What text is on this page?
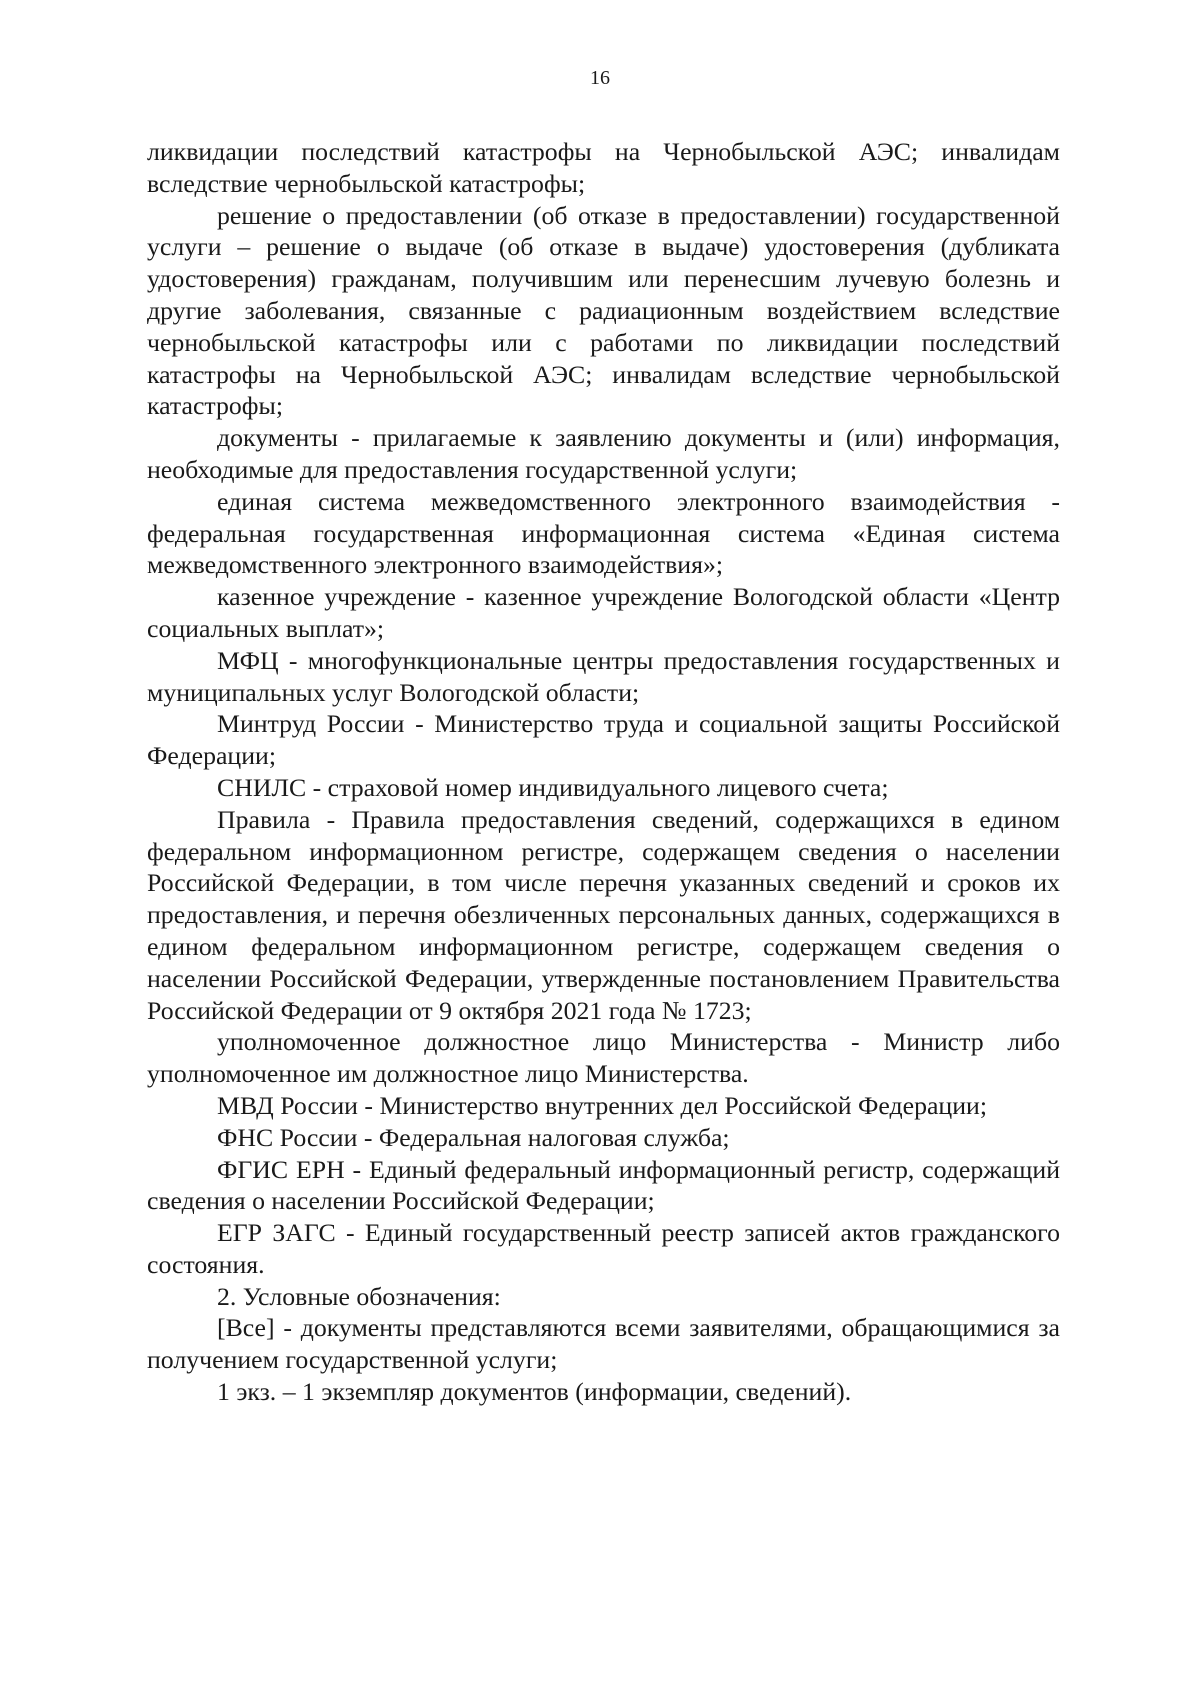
16

ликвидации последствий катастрофы на Чернобыльской АЭС; инвалидам вследствие чернобыльской катастрофы;

решение о предоставлении (об отказе в предоставлении) государственной услуги – решение о выдаче (об отказе в выдаче) удостоверения (дубликата удостоверения) гражданам, получившим или перенесшим лучевую болезнь и другие заболевания, связанные с радиационным воздействием вследствие чернобыльской катастрофы или с работами по ликвидации последствий катастрофы на Чернобыльской АЭС; инвалидам вследствие чернобыльской катастрофы;

документы - прилагаемые к заявлению документы и (или) информация, необходимые для предоставления государственной услуги;

единая система межведомственного электронного взаимодействия - федеральная государственная информационная система «Единая система межведомственного электронного взаимодействия»;

казенное учреждение - казенное учреждение Вологодской области «Центр социальных выплат»;

МФЦ - многофункциональные центры предоставления государственных и муниципальных услуг Вологодской области;

Минтруд России - Министерство труда и социальной защиты Российской Федерации;

СНИЛС - страховой номер индивидуального лицевого счета;

Правила - Правила предоставления сведений, содержащихся в едином федеральном информационном регистре, содержащем сведения о населении Российской Федерации, в том числе перечня указанных сведений и сроков их предоставления, и перечня обезличенных персональных данных, содержащихся в едином федеральном информационном регистре, содержащем сведения о населении Российской Федерации, утвержденные постановлением Правительства Российской Федерации от 9 октября 2021 года № 1723;

уполномоченное должностное лицо Министерства - Министр либо уполномоченное им должностное лицо Министерства.

МВД России - Министерство внутренних дел Российской Федерации;

ФНС России - Федеральная налоговая служба;

ФГИС ЕРН - Единый федеральный информационный регистр, содержащий сведения о населении Российской Федерации;

ЕГР ЗАГС - Единый государственный реестр записей актов гражданского состояния.

2. Условные обозначения:

[Все] - документы представляются всеми заявителями, обращающимися за получением государственной услуги;

1 экз. – 1 экземпляр документов (информации, сведений).
